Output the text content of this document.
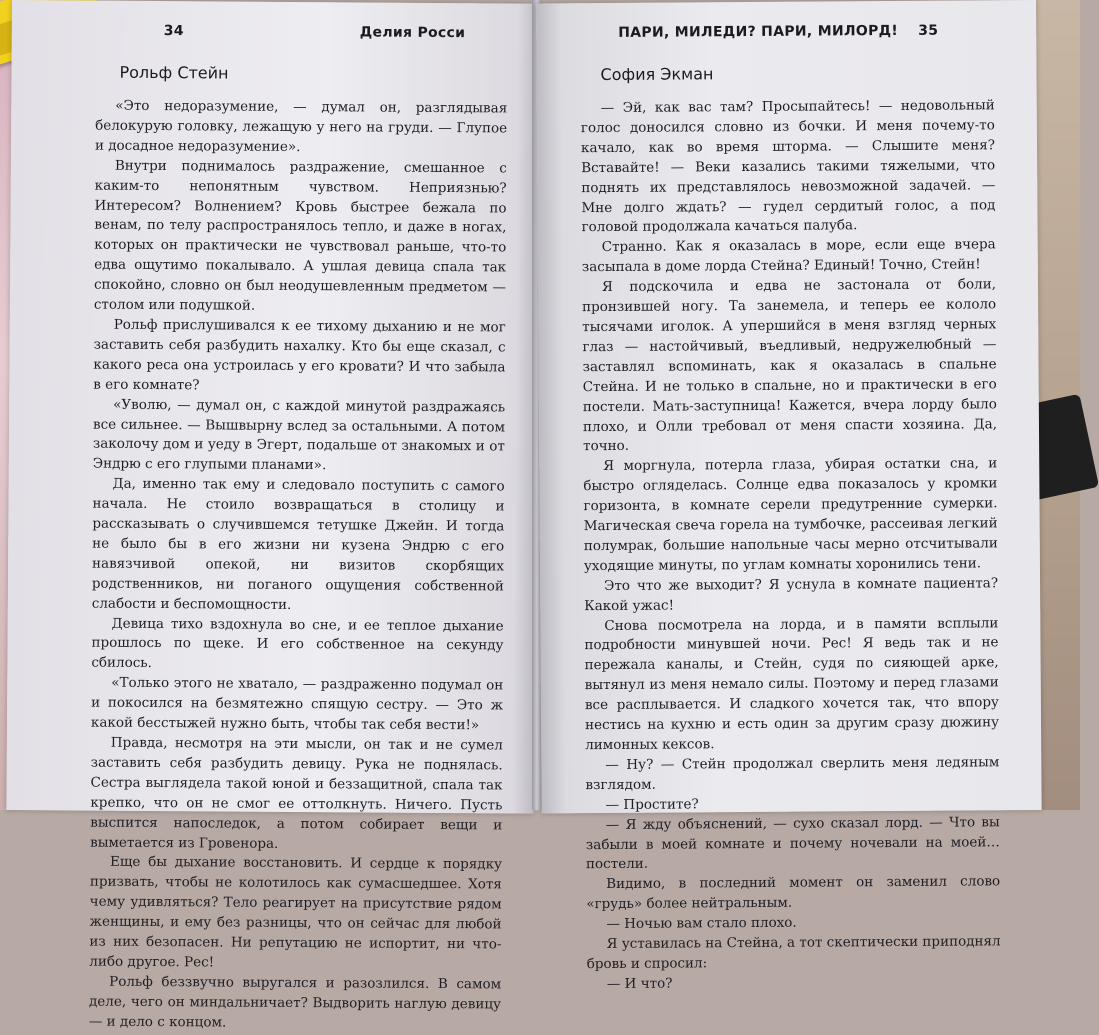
34	Делия Росси
Рольф Стейн

«Это недоразумение, — думал он, разглядывая белокурую головку, лежащую у него на груди. — Глупое и досадное недоразумение».

Внутри поднималось раздражение, смешанное с каким-то непонятным чувством. Неприязнью? Интересом? Волнением? Кровь быстрее бежала по венам, по телу распространялось тепло, и даже в ногах, которых он практически не чувствовал раньше, что-то едва ощутимо покалывало. А ушлая девица спала так спокойно, словно он был неодушевленным предметом — столом или подушкой.

Рольф прислушивался к ее тихому дыханию и не мог заставить себя разбудить нахалку. Кто бы еще сказал, с какого реса она устроилась у его кровати? И что забыла в его комнате?

«Уволю, — думал он, с каждой минутой раздражаясь все сильнее. — Вышвырну вслед за остальными. А потом заколочу дом и уеду в Эгерт, подальше от знакомых и от Эндрю с его глупыми планами».

Да, именно так ему и следовало поступить с самого начала. Не стоило возвращаться в столицу и рассказывать о случившемся тетушке Джейн. И тогда не было бы в его жизни ни кузена Эндрю с его навязчивой опекой, ни визитов скорбящих родственников, ни поганого ощущения собственной слабости и беспомощности.

Девица тихо вздохнула во сне, и ее теплое дыхание прошлось по щеке. И его собственное на секунду сбилось.

«Только этого не хватало, — раздраженно подумал он и покосился на безмятежно спящую сестру. — Это ж какой бесстыжей нужно быть, чтобы так себя вести!»

Правда, несмотря на эти мысли, он так и не сумел заставить себя разбудить девицу. Рука не поднялась. Сестра выглядела такой юной и беззащитной, спала так крепко, что он не смог ее оттолкнуть. Ничего. Пусть выспится напоследок, а потом собирает вещи и выметается из Гровенора.

Еще бы дыхание восстановить. И сердце к порядку призвать, чтобы не колотилось как сумасшедшее. Хотя чему удивляться? Тело реагирует на присутствие рядом женщины, и ему без разницы, что он сейчас для любой из них безопасен. Ни репутацию не испортит, ни что-либо другое. Рес!

Рольф беззвучно выругался и разозлился. В самом деле, чего он миндальничает? Выдворить наглую девицу — и дело с концом.

ПАРИ, МИЛЕДИ? ПАРИ, МИЛОРД! 35
София Экман

— Эй, как вас там? Просыпайтесь! — недовольный голос доносился словно из бочки. И меня почему-то качало, как во время шторма. — Слышите меня? Вставайте! — Веки казались такими тяжелыми, что поднять их представлялось невозможной задачей. — Мне долго ждать? — гудел сердитый голос, а под головой продолжала качаться палуба.

Странно. Как я оказалась в море, если еще вчера засыпала в доме лорда Стейна? Единый! Точно, Стейн!

Я подскочила и едва не застонала от боли, пронзившей ногу. Та занемела, и теперь ее кололо тысячами иголок. А упершийся в меня взгляд черных глаз — настойчивый, въедливый, недружелюбный — заставлял вспоминать, как я оказалась в спальне Стейна. И не только в спальне, но и практически в его постели. Мать-заступница! Кажется, вчера лорду было плохо, и Олли требовал от меня спасти хозяина. Да, точно.

Я моргнула, потерла глаза, убирая остатки сна, и быстро огляделась. Солнце едва показалось у кромки горизонта, в комнате серели предутренние сумерки. Магическая свеча горела на тумбочке, рассеивая легкий полумрак, большие напольные часы мерно отсчитывали уходящие минуты, по углам комнаты хоронились тени.

Это что же выходит? Я уснула в комнате пациента? Какой ужас!

Снова посмотрела на лорда, и в памяти всплыли подробности минувшей ночи. Рес! Я ведь так и не пережала каналы, и Стейн, судя по сияющей арке, вытянул из меня немало силы. Поэтому и перед глазами все расплывается. И сладкого хочется так, что впору нестись на кухню и есть один за другим сразу дюжину лимонных кексов.

— Ну? — Стейн продолжал сверлить меня ледяным взглядом.

— Простите?

— Я жду объяснений, — сухо сказал лорд. — Что вы забыли в моей комнате и почему ночевали на моей… постели.

Видимо, в последний момент он заменил слово «грудь» более нейтральным.

— Ночью вам стало плохо.

Я уставилась на Стейна, а тот скептически приподнял бровь и спросил:

— И что?
